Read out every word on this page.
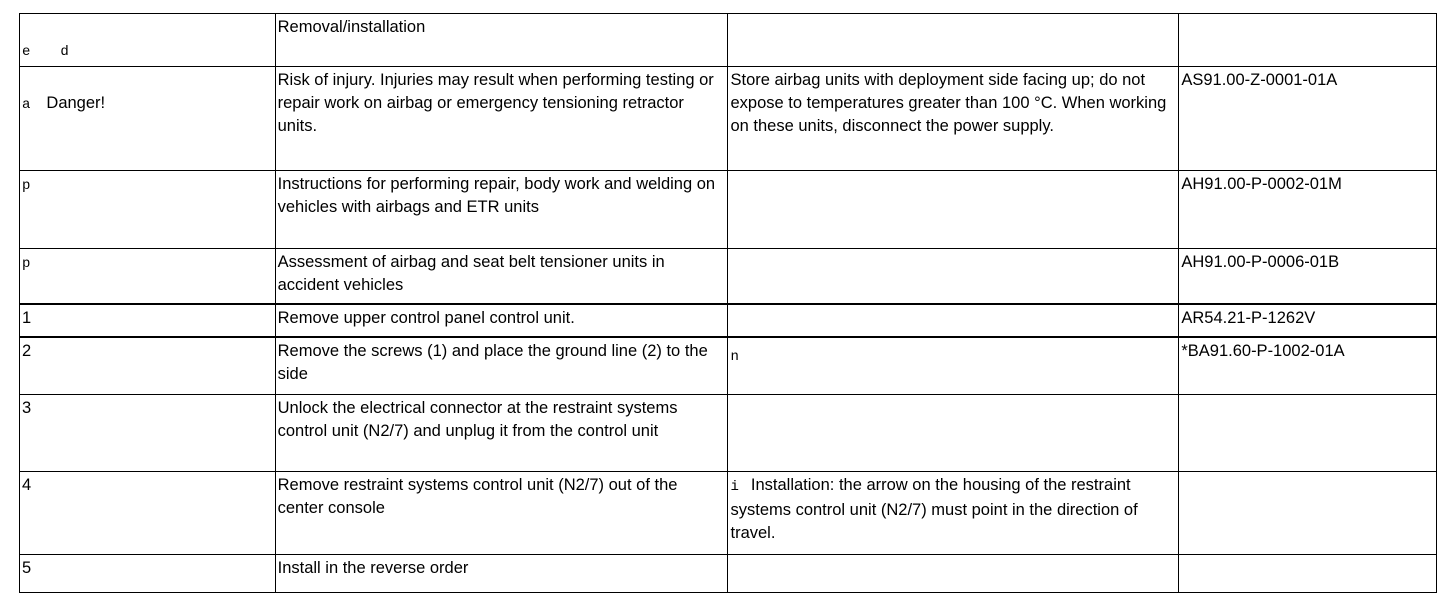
e d	Removal/installation		

a Danger!	Risk of injury. Injuries may result when performing testing or repair work on airbag or emergency tensioning retractor units.	Store airbag units with deployment side facing up; do not expose to temperatures greater than 100 °C. When working on these units, disconnect the power supply.	AS91.00-Z-0001-01A
p	Instructions for performing repair, body work and welding on vehicles with airbags and ETR units		AH91.00-P-0002-01M
p	Assessment of airbag and seat belt tensioner units in accident vehicles		AH91.00-P-0006-01B
1	Remove upper control panel control unit.		AR54.21-P-1262V
2	Remove the screws (1) and place the ground line (2) to the side	n	*BA91.60-P-1002-01A
3	Unlock the electrical connector at the restraint systems control unit (N2/7) and unplug it from the control unit		
4	Remove restraint systems control unit (N2/7) out of the center console	i Installation: the arrow on the housing of the restraint systems control unit (N2/7) must point in the direction of travel.	
5	Install in the reverse order		
